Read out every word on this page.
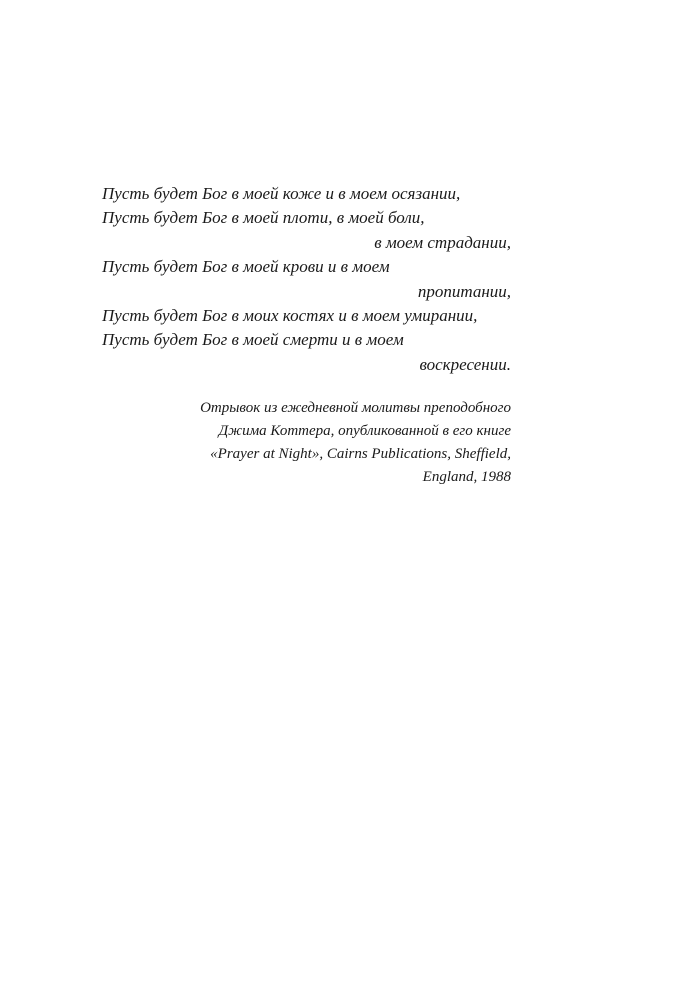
Пусть будет Бог в моей коже и в моем осязании,
Пусть будет Бог в моей плоти, в моей боли,
в моем страдании,
Пусть будет Бог в моей крови и в моем
пропитании,
Пусть будет Бог в моих костях и в моем умирании,
Пусть будет Бог в моей смерти и в моем
воскресении.
Отрывок из ежедневной молитвы преподобного
Джима Коттера, опубликованной в его книге
«Prayer at Night», Cairns Publications, Sheffield,
England, 1988
